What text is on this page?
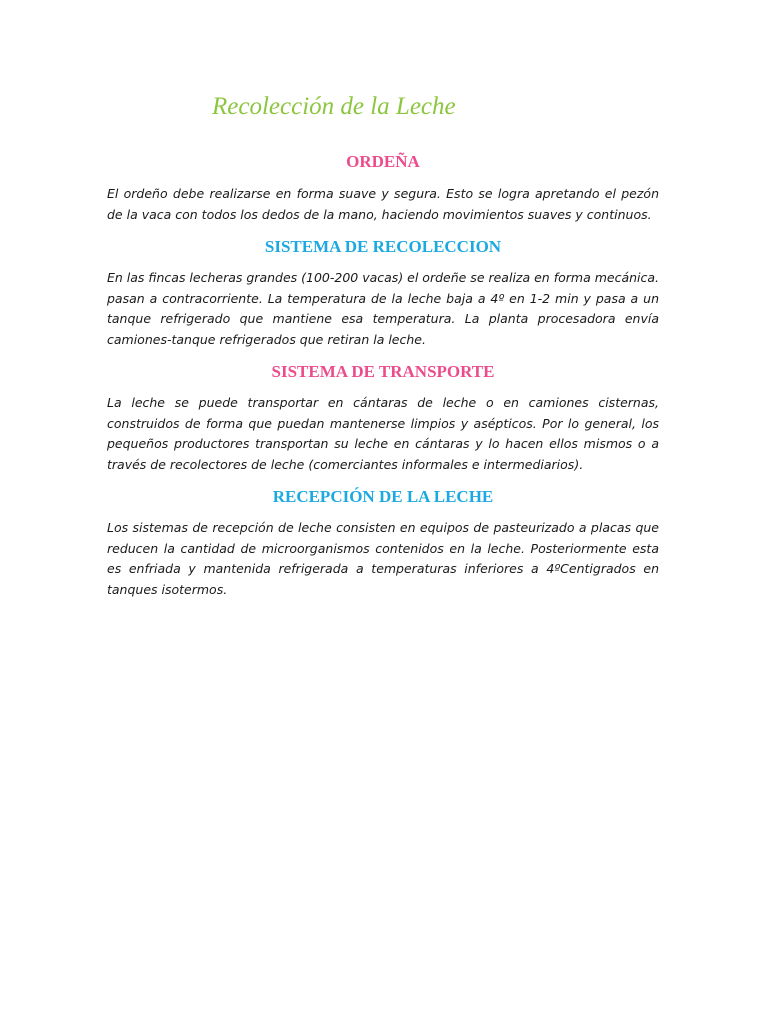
Recolección de la Leche
ORDEÑA

El ordeño debe realizarse en forma suave y segura. Esto se logra apretando el pezón de la vaca con todos los dedos de la mano, haciendo movimientos suaves y continuos.

SISTEMA DE RECOLECCION

En las fincas lecheras grandes (100-200 vacas) el ordeñe se realiza en forma mecánica. pasan a contracorriente. La temperatura de la leche baja a 4º en 1-2 min y pasa a un tanque refrigerado que mantiene esa temperatura. La planta procesadora envía camiones-tanque refrigerados que retiran la leche.

SISTEMA DE TRANSPORTE

La leche se puede transportar en cántaras de leche o en camiones cisternas, construidos de forma que puedan mantenerse limpios y asépticos. Por lo general, los pequeños productores transportan su leche en cántaras y lo hacen ellos mismos o a través de recolectores de leche (comerciantes informales e intermediarios).

RECEPCIÓN DE LA LECHE

Los sistemas de recepción de leche consisten en equipos de pasteurizado a placas que reducen la cantidad de microorganismos contenidos en la leche. Posteriormente esta es enfriada y mantenida refrigerada a temperaturas inferiores a 4ºCentigrados en tanques isotermos.
